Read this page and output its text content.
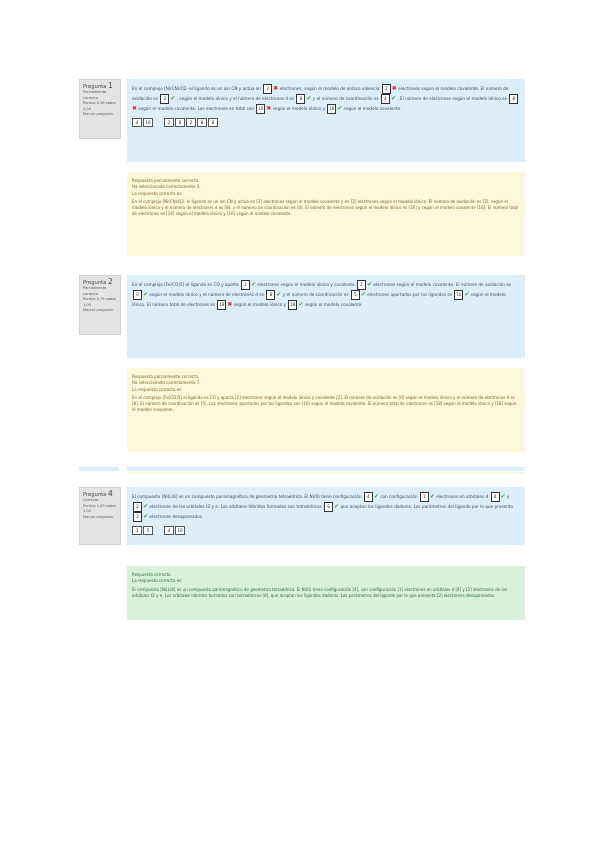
Pregunta 1
Parcialmente correcta
Puntúa 0,38 sobre 1,00
Marcar pregunta
En el complejo [Ni(CN)4]2- el ligando es un ion CN y actúa en 2 ✖ electrones, según el modelo de enlace valencia 2 ✖ electrones según el modelo covalente. El número de oxidación es 2 ✔ , según el modelo iónico y el número de electrones d es 8 ✔ y el número de coordinación es 4 ✔ . El número de electrones según el modelo iónico es 8✖ según el modelo covalente. Los electrones en total son 16 ✖ según el modelo iónico y 16 ✔ según el modelo covalente.
4 16	2 8 2 8 8
Respuesta parcialmente correcta.
Ha seleccionado correctamente 3.
La respuesta correcta es:
En el complejo [Ni(CN)4]2- el ligando es un ion CN y actúa en [2] electrones según el modelo covalente y en [2] electrones según el modelo iónico. El número de oxidación es [2], según el modelo iónico y el número de electrones d es [8], y el número de coordinación es [4]. El número de electrones según el modelo iónico es [16] y según el modelo covalente [16]. El número total de electrones es [16] según el modelo iónico y [16] según el modelo covalente.
Pregunta 2
Parcialmente correcta
Puntúa 0,75 sobre 1,00
Marcar pregunta
En el complejo [Fe(CO)5] el ligando es CO y aporta 2 ✔ electrones según el modelo iónico y covalente 2 ✔ electrones según el modelo covalente. El número de oxidación es 0 ✔ según el modelo iónico y el número de electrones d es 8 ✔ y el número de coordinación es 5 ✔ electrones aportados por los ligandos es 10 ✔ según el modelo iónico. El número total de electrones es 18 ✖ según el modelo iónico y 18 ✔ según el modelo covalente.
Respuesta parcialmente correcta.
Ha seleccionado correctamente 7.
La respuesta correcta es:
En el complejo [Fe(CO)5] el ligando es CO y aporta [2] electrones según el modelo iónico y covalente [2]. El número de oxidación es [0] según el modelo iónico y el número de electrones d es [8]. El número de coordinación es [5]. Los electrones aportados por los ligandos son [10] según el modelo covalente. El número total de electrones es [18] según el modelo iónico y [18] según el modelo covalente.
Pregunta 4
Correcta
Puntúa 1,00 sobre 1,00
Marcar pregunta
El compuesto [Ni(L)6] es un compuesto paramagnético de geometría tetraédrica. El Ni(0) tiene configuración 4 ✔ con configuración 1 ✔ electrones en orbitales d 4 ✔ y 2 ✔ electrones de los orbitales t2 y e. Los orbitales híbridos formados son tetraédricos 8 ✔ que aceptan los ligandos dadores. Los parámetros del ligando por lo que presenta 2 ✔ electrones desapareados.
3 5	4 10
Respuesta correcta.
La respuesta correcta es:
El compuesto [Ni(L)6] es un compuesto paramagnético de geometría tetraédrica. El Ni(0) tiene configuración [4], con configuración [1] electrones en orbitales d [4] y [2] electrones de los orbitales t2 y e. Los orbitales híbridos formados son tetraédricos [8], que aceptan los ligandos dadores. Los parámetros del ligando por lo que presenta [2] electrones desapareados.
